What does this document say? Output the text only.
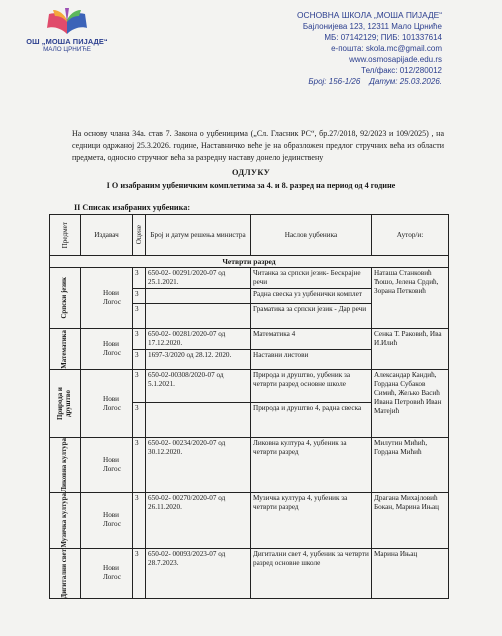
ОШ „МОША ПИЈАДЕ“
МАЛО ЦРНИЋЕ
ОСНОВНА ШКОЛА „МОША ПИЈАДЕ“
Бајлонијева 123, 12311 Мало Црниће
МБ: 07142129; ПИБ: 101337614
е-пошта: skola.mc@gmail.com
www.osmosapijade.edu.rs
Тел/факс: 012/280012
Број: 156-1/26 Датум: 25.03.2026.
На основу члана 34а. став 7. Закона о уџбеницима („Сл. Гласник РС“, бр.27/2018, 92/2023 и 109/2025) , на седници одржаној 25.3.2026. године, Наставничко веће је на образложен предлог стручних већа из области предмета, односно стручног већа за разредну наставу донело јединствену
ОДЛУКУ
I О изабраним уџбеничким комплетима за 4. и 8. разред на период од 4 године
II Списак изабраних уџбеника:
Предмет	Издавач	Оцене	Број и датум решења министра	Наслов уџбеника	Аутор/и:
Четврти разред					

Српски језик	Нови Логос	3	650-02- 00291/2020-07 од 25.1.2021.	Читанка за српски језик- Бескрајне речи	Наташа Станковић Ћошо, Јелена Срдић, Зорана Петковић
		3		Радна свеска уз уџбенички комплет	
		3		Граматика за српски језик - Дар речи	

Математика	Нови Логос	3	650-02- 00281/2020-07 од 17.12.2020.	Математика 4	Сенка Т. Раковић, Ива И.Илић
		3	1697-3/2020 од 28.12. 2020.	Наставни листови	

Природа и друштво	Нови Логос	3	650-02-00308/2020-07 од 5.1.2021.	Природа и друштво, уџбеник за четврти разред основне школе	Александар Кандић, Гордана Субаков Симић, Жељко Васић Ивана Петровић Иван Матејић
		3		Природа и друштво 4, радна свеска	

Ликовна култура	Нови Логос	3	650-02- 00234/2020-07 од 30.12.2020.	Ликовна култура 4, уџбеник за четврти разред	Милутин Мићић, Гордана Мићић

Музичка култура	Нови Логос	3	650-02- 00270/2020-07 од 26.11.2020.	Музичка култура 4, уџбеник за четврти разред	Драгана Михајловић Бокан, Марина Ињац

Дигитални свет	Нови Логос	3	650-02- 00093/2023-07 од 28.7.2023.	Дигитални свет 4, уџбеник за четврти разред основне школе	Марина Ињац
